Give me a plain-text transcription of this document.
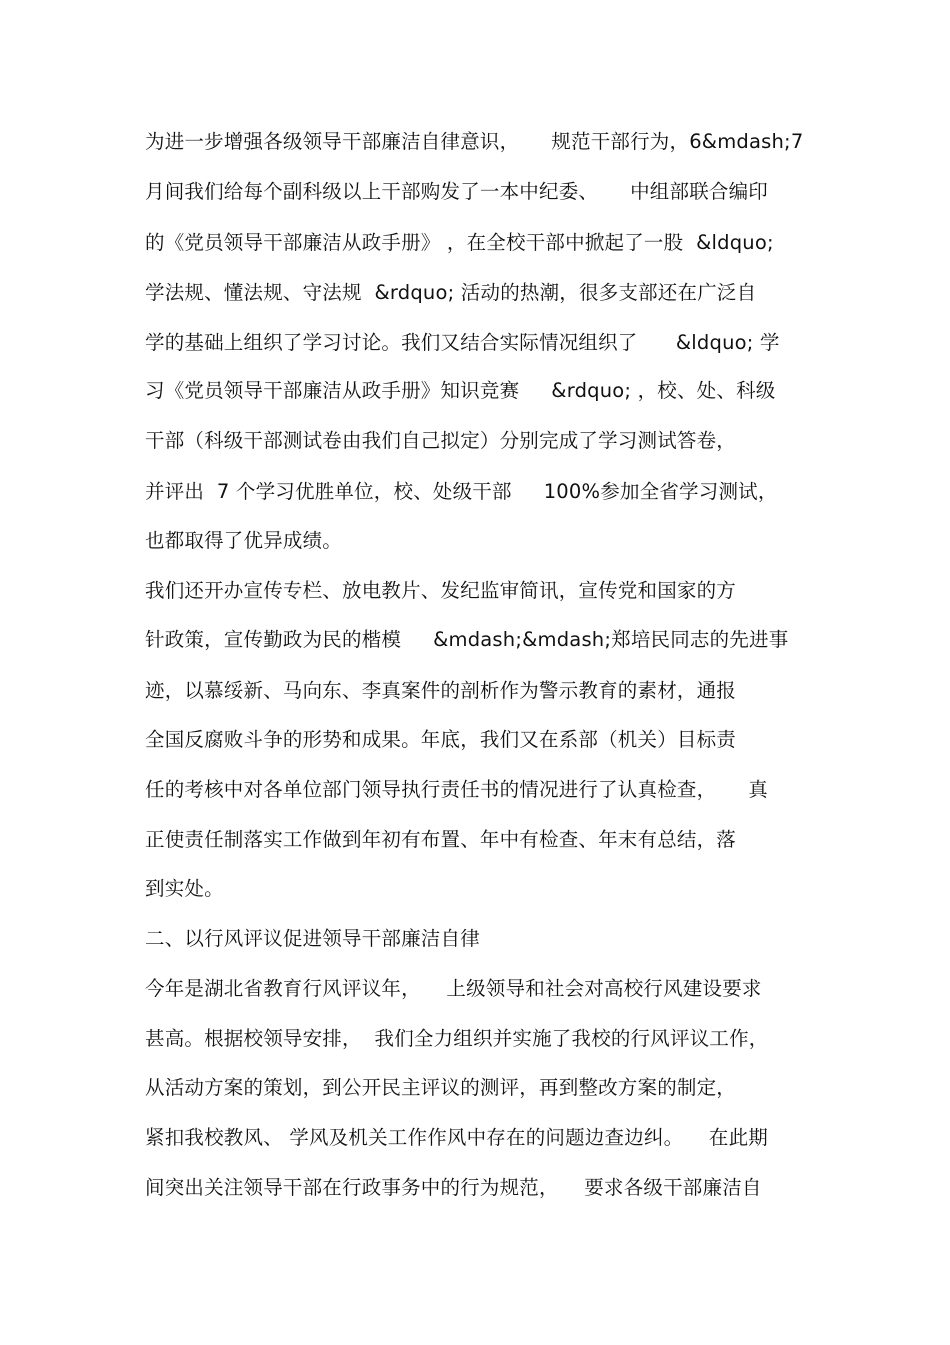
为进一步增强各级领导干部廉洁自律意识，     规范干部行为，6&mdash;7
月间我们给每个副科级以上干部购发了一本中纪委、     中组部联合编印
的《党员领导干部廉洁从政手册》 ，在全校干部中掀起了一股  &ldquo;
学法规、懂法规、守法规  &rdquo; 活动的热潮，很多支部还在广泛自
学的基础上组织了学习讨论。我们又结合实际情况组织了      &ldquo; 学
习《党员领导干部廉洁从政手册》知识竞赛     &rdquo; ，校、处、科级
干部（科级干部测试卷由我们自己拟定）分别完成了学习测试答卷，
并评出  7 个学习优胜单位，校、处级干部     100%参加全省学习测试，
也都取得了优异成绩。
我们还开办宣传专栏、放电教片、发纪监审简讯，宣传党和国家的方
针政策，宣传勤政为民的楷模     &mdash;&mdash;郑培民同志的先进事
迹，以慕绥新、马向东、李真案件的剖析作为警示教育的素材，通报
全国反腐败斗争的形势和成果。年底，我们又在系部（机关）目标责
任的考核中对各单位部门领导执行责任书的情况进行了认真检查，     真
正使责任制落实工作做到年初有布置、年中有检查、年末有总结，落
到实处。
二、以行风评议促进领导干部廉洁自律
今年是湖北省教育行风评议年，    上级领导和社会对高校行风建设要求
甚高。根据校领导安排，  我们全力组织并实施了我校的行风评议工作，
从活动方案的策划，到公开民主评议的测评，再到整改方案的制定，
紧扣我校教风、 学风及机关工作作风中存在的问题边查边纠。    在此期
间突出关注领导干部在行政事务中的行为规范，    要求各级干部廉洁自
